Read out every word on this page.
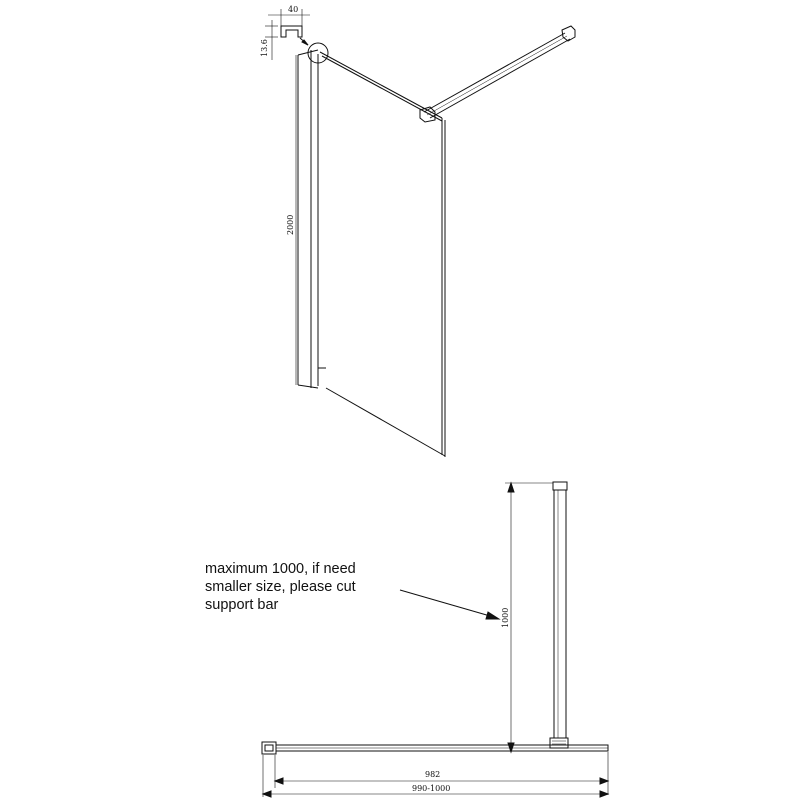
40
13.6
2000
1000
982
990-1000
maximum 1000, if need
smaller size, please cut
support bar
